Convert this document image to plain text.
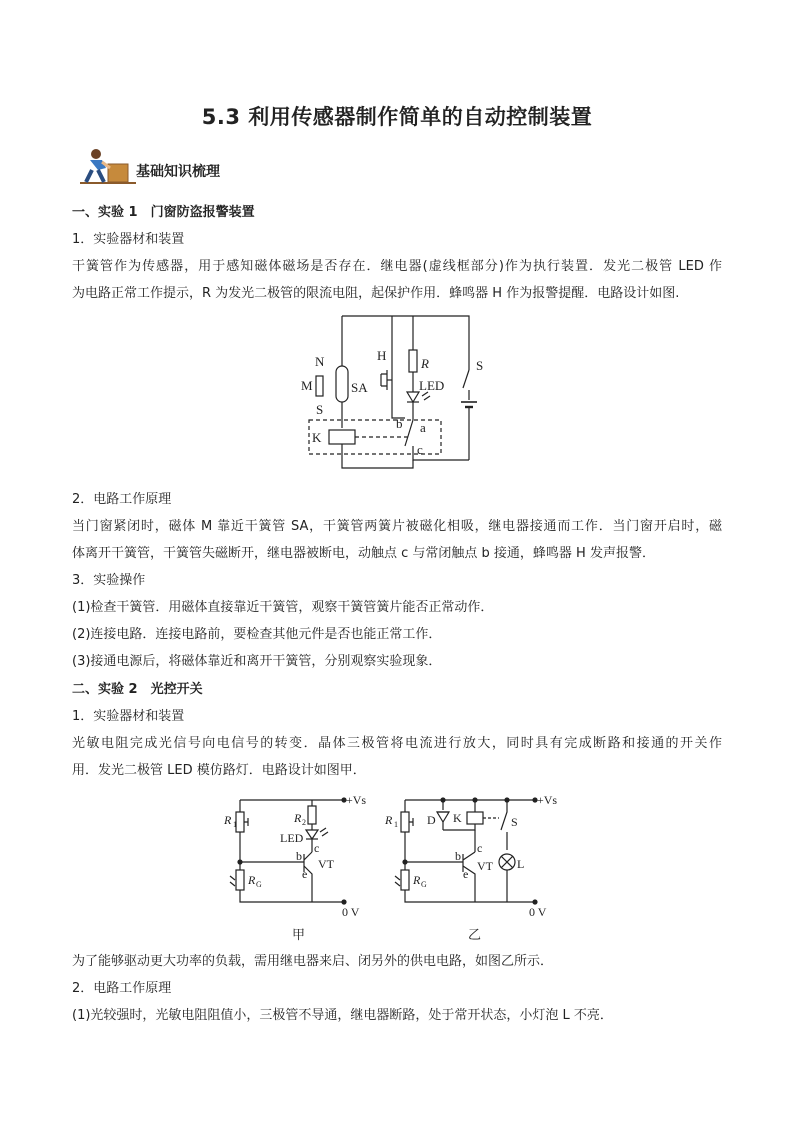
5.3 利用传感器制作简单的自动控制装置
基础知识梳理
一、实验 1　门窗防盗报警装置
1．实验器材和装置
干簧管作为传感器，用于感知磁体磁场是否存在．继电器(虚线框部分)作为执行装置．发光二极管 LED 作
为电路正常工作提示，R 为发光二极管的限流电阻，起保护作用．蜂鸣器 H 作为报警提醒．电路设计如图.
N
M
S
SA
H
R
LED
K
b a
c
S
2．电路工作原理
当门窗紧闭时，磁体 M 靠近干簧管 SA，干簧管两簧片被磁化相吸，继电器接通而工作．当门窗开启时，磁
体离开干簧管，干簧管失磁断开，继电器被断电，动触点 c 与常闭触点 b 接通，蜂鸣器 H 发声报警．
3．实验操作
(1)检查干簧管．用磁体直接靠近干簧管，观察干簧管簧片能否正常动作．
(2)连接电路．连接电路前，要检查其他元件是否也能正常工作．
(3)接通电源后，将磁体靠近和离开干簧管，分别观察实验现象．
二、实验 2　光控开关
1．实验器材和装置
光敏电阻完成光信号向电信号的转变．晶体三极管将电流进行放大，同时具有完成断路和接通的开关作
用．发光二极管 LED 模仿路灯．电路设计如图甲．
+Vs
R 1	R 2
LED
c
b
VT
e
R G
0 V
甲
+Vs
R 1 D K	S
c
b
VT L
e
R G
0 V
乙
为了能够驱动更大功率的负载，需用继电器来启、闭另外的供电电路，如图乙所示．
2．电路工作原理
(1)光较强时，光敏电阻阻值小，三极管不导通，继电器断路，处于常开状态，小灯泡 L 不亮．
